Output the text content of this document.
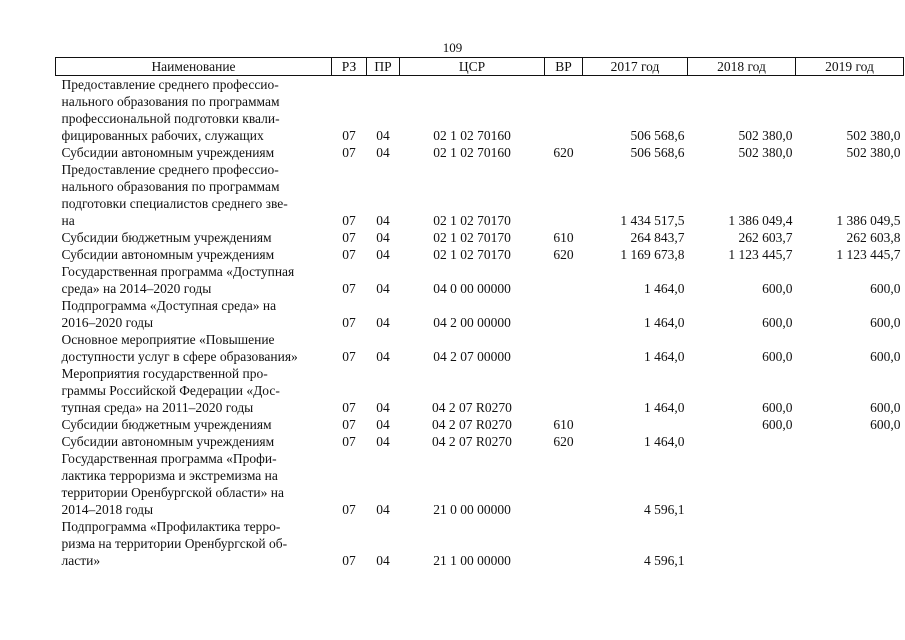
109
Наименование	РЗ	ПР	ЦСР	ВР	2017 год	2018 год	2019 год

Предоставление среднего профессио-
нального образования по программам
профессиональной подготовки квали-
фицированных рабочих, служащих	07	04	02 1 02 70160		506 568,6	502 380,0	502 380,0

Субсидии автономным учреждениям	07	04	02 1 02 70160	620	506 568,6	502 380,0	502 380,0

Предоставление среднего профессио-
нального образования по программам
подготовки специалистов среднего зве-
на	07	04	02 1 02 70170		1 434 517,5	1 386 049,4	1 386 049,5

Субсидии бюджетным учреждениям	07	04	02 1 02 70170	610	264 843,7	262 603,7	262 603,8

Субсидии автономным учреждениям	07	04	02 1 02 70170	620	1 169 673,8	1 123 445,7	1 123 445,7

Государственная программа «Доступная
среда» на 2014–2020 годы	07	04	04 0 00 00000		1 464,0	600,0	600,0

Подпрограмма «Доступная среда» на
2016–2020 годы	07	04	04 2 00 00000		1 464,0	600,0	600,0

Основное мероприятие «Повышение
доступности услуг в сфере образования»	07	04	04 2 07 00000		1 464,0	600,0	600,0

Мероприятия государственной про-
граммы Российской Федерации «Дос-
тупная среда» на 2011–2020 годы	07	04	04 2 07 R0270		1 464,0	600,0	600,0

Субсидии бюджетным учреждениям	07	04	04 2 07 R0270	610		600,0	600,0

Субсидии автономным учреждениям	07	04	04 2 07 R0270	620	1 464,0		

Государственная программа «Профи-
лактика терроризма и экстремизма на
территории Оренбургской области» на
2014–2018 годы	07	04	21 0 00 00000		4 596,1		

Подпрограмма «Профилактика терро-
ризма на территории Оренбургской об-
ласти»	07	04	21 1 00 00000		4 596,1		
